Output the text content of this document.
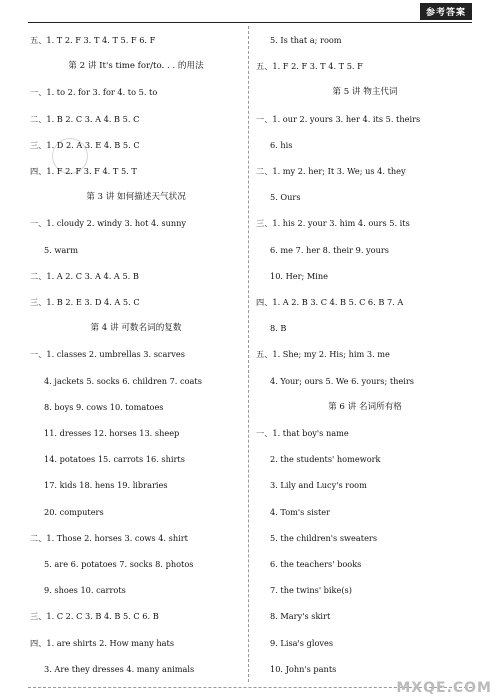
参考答案
五、1. T 2. F 3. T 4. T 5. F 6. F
第 2 讲 It's time for/to. . . 的用法
一、1. to 2. for 3. for 4. to 5. to
二、1. B 2. C 3. A 4. B 5. C
三、1. D 2. A 3. E 4. B 5. C
四、1. F 2. F 3. F 4. T 5. T
第 3 讲 如何描述天气状况
一、1. cloudy 2. windy 3. hot 4. sunny
5. warm
二、1. A 2. C 3. A 4. A 5. B
三、1. B 2. E 3. D 4. A 5. C
第 4 讲 可数名词的复数
一、1. classes 2. umbrellas 3. scarves
4. jackets 5. socks 6. children 7. coats
8. boys 9. cows 10. tomatoes
11. dresses 12. horses 13. sheep
14. potatoes 15. carrots 16. shirts
17. kids 18. hens 19. libraries
20. computers
二、1. Those 2. horses 3. cows 4. shirt
5. are 6. potatoes 7. socks 8. photos
9. shoes 10. carrots
三、1. C 2. C 3. B 4. B 5. C 6. B
四、1. are shirts 2. How many hats
3. Are they dresses 4. many animals
5. Is that a; room
五、1. F 2. F 3. T 4. T 5. F
第 5 讲 物主代词
一、1. our 2. yours 3. her 4. its 5. theirs
6. his
二、1. my 2. her; It 3. We; us 4. they
5. Ours
三、1. his 2. your 3. him 4. ours 5. its
6. me 7. her 8. their 9. yours
10. Her; Mine
四、1. A 2. B 3. C 4. B 5. C 6. B 7. A
8. B
五、1. She; my 2. His; him 3. me
4. Your; ours 5. We 6. yours; theirs
第 6 讲 名词所有格
一、1. that boy's name
2. the students' homework
3. Lily and Lucy's room
4. Tom's sister
5. the children's sweaters
6. the teachers' books
7. the twins' bike(s)
8. Mary's skirt
9. Lisa's gloves
10. John's pants
MXQE.COM
